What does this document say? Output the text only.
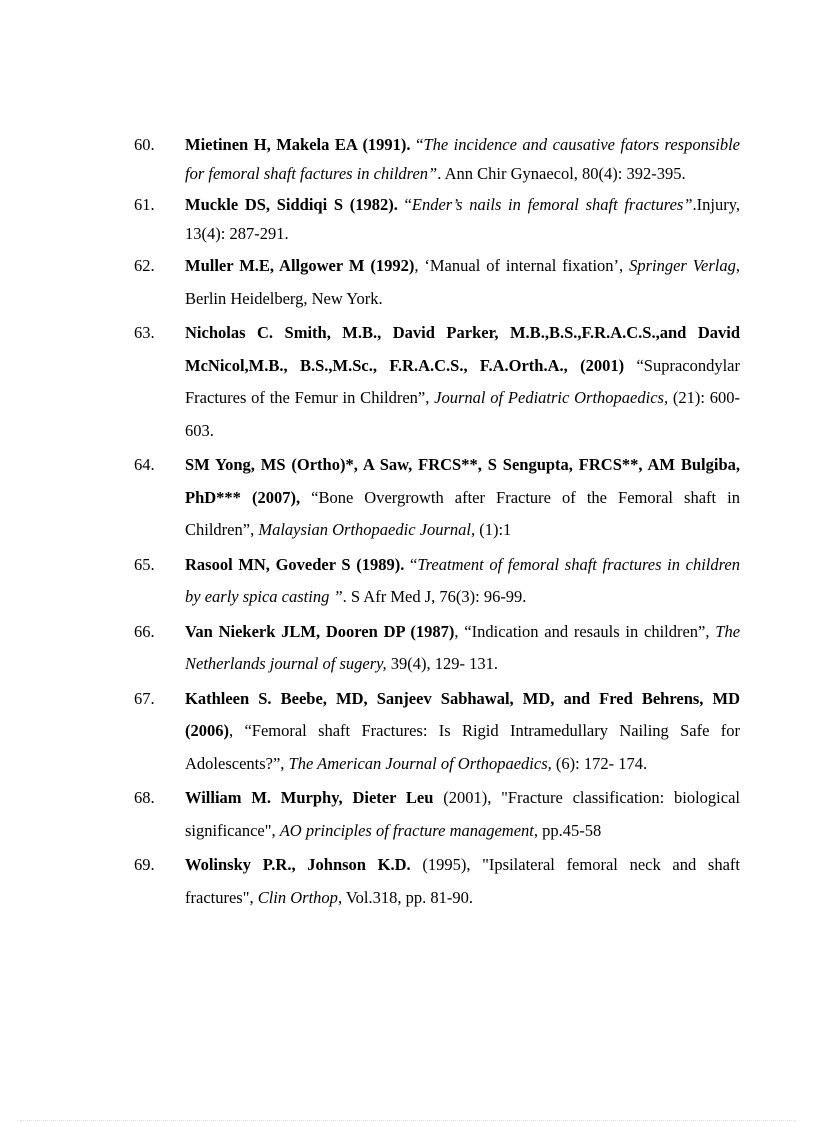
60.	Mietinen H, Makela EA (1991). “The incidence and causative fators responsible for femoral shaft factures in children”. Ann Chir Gynaecol, 80(4): 392-395.
61.	Muckle DS, Siddiqi S (1982). “Ender’s nails in femoral shaft fractures”.Injury, 13(4): 287-291.
62.	Muller M.E, Allgower M (1992), ‘Manual of internal fixation’, Springer Verlag, Berlin Heidelberg, New York.
63.	Nicholas C. Smith, M.B., David Parker, M.B.,B.S.,F.R.A.C.S.,and David McNicol,M.B., B.S.,M.Sc., F.R.A.C.S., F.A.Orth.A., (2001) “Supracondylar Fractures of the Femur in Children”, Journal of Pediatric Orthopaedics, (21): 600- 603.
64.	SM Yong, MS (Ortho)*, A Saw, FRCS**, S Sengupta, FRCS**, AM Bulgiba, PhD*** (2007), “Bone Overgrowth after Fracture of the Femoral shaft in Children”, Malaysian Orthopaedic Journal, (1):1
65.	Rasool MN, Goveder S (1989). “Treatment of femoral shaft fractures in children by early spica casting ”. S Afr Med J, 76(3): 96-99.
66.	Van Niekerk JLM, Dooren DP (1987), “Indication and resauls in children”, The Netherlands journal of sugery, 39(4), 129- 131.
67.	Kathleen S. Beebe, MD, Sanjeev Sabhawal, MD, and Fred Behrens, MD (2006), “Femoral shaft Fractures: Is Rigid Intramedullary Nailing Safe for Adolescents?”, The American Journal of Orthopaedics, (6): 172- 174.
68.	William M. Murphy, Dieter Leu (2001), "Fracture classification: biological significance", AO principles of fracture management, pp.45-58
69.	Wolinsky P.R., Johnson K.D. (1995), "Ipsilateral femoral neck and shaft fractures", Clin Orthop, Vol.318, pp. 81-90.
